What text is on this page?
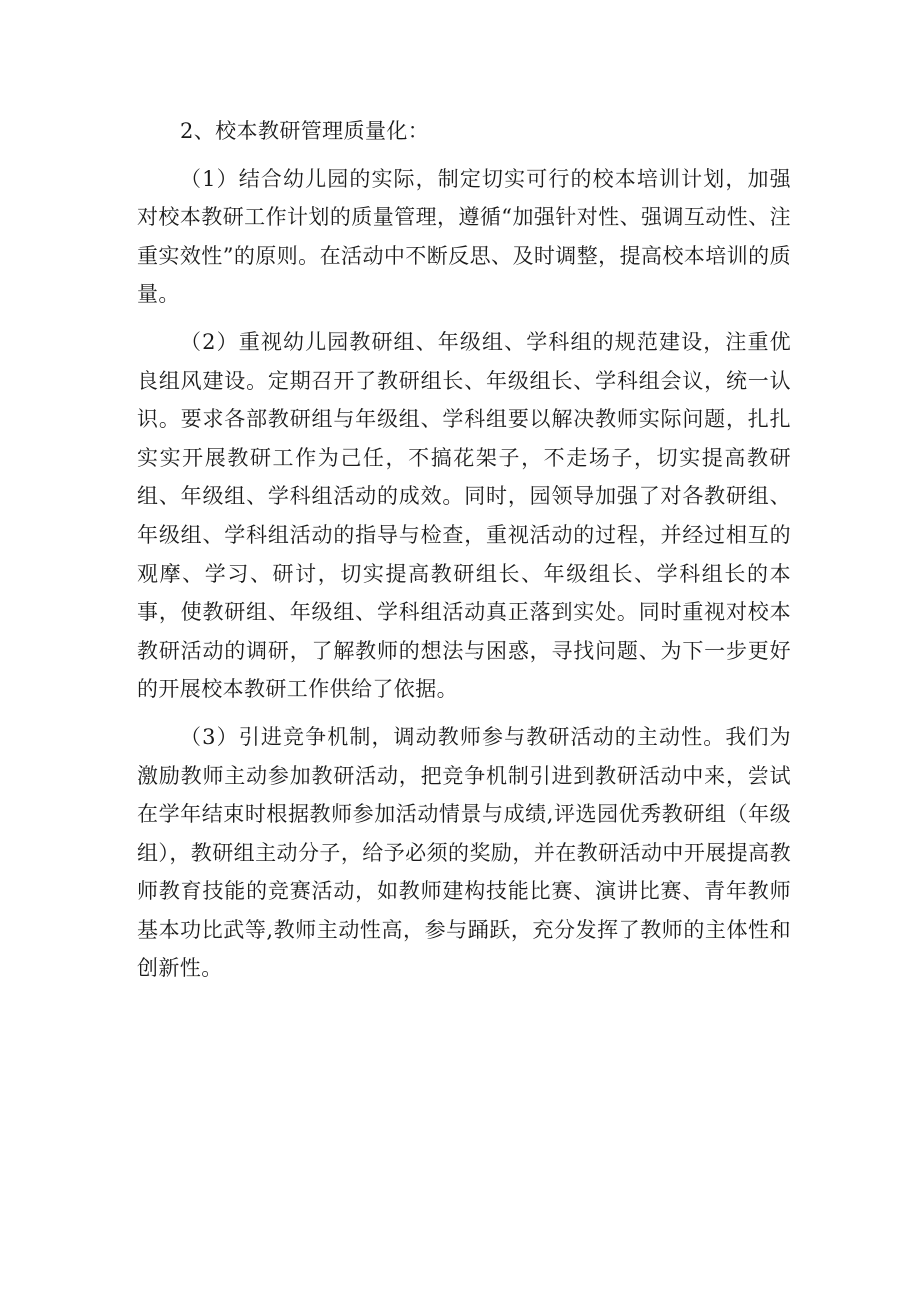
2、校本教研管理质量化：

（1）结合幼儿园的实际，制定切实可行的校本培训计划，加强对校本教研工作计划的质量管理，遵循“加强针对性、强调互动性、注重实效性”的原则。在活动中不断反思、及时调整，提高校本培训的质量。

（2）重视幼儿园教研组、年级组、学科组的规范建设，注重优良组风建设。定期召开了教研组长、年级组长、学科组会议，统一认识。要求各部教研组与年级组、学科组要以解决教师实际问题，扎扎实实开展教研工作为己任，不搞花架子，不走场子，切实提高教研组、年级组、学科组活动的成效。同时，园领导加强了对各教研组、年级组、学科组活动的指导与检查，重视活动的过程，并经过相互的观摩、学习、研讨，切实提高教研组长、年级组长、学科组长的本事，使教研组、年级组、学科组活动真正落到实处。同时重视对校本教研活动的调研，了解教师的想法与困惑，寻找问题、为下一步更好的开展校本教研工作供给了依据。

（3）引进竞争机制，调动教师参与教研活动的主动性。我们为激励教师主动参加教研活动，把竞争机制引进到教研活动中来，尝试在学年结束时根据教师参加活动情景与成绩,评选园优秀教研组（年级组），教研组主动分子，给予必须的奖励，并在教研活动中开展提高教师教育技能的竞赛活动，如教师建构技能比赛、演讲比赛、青年教师基本功比武等,教师主动性高，参与踊跃，充分发挥了教师的主体性和创新性。
